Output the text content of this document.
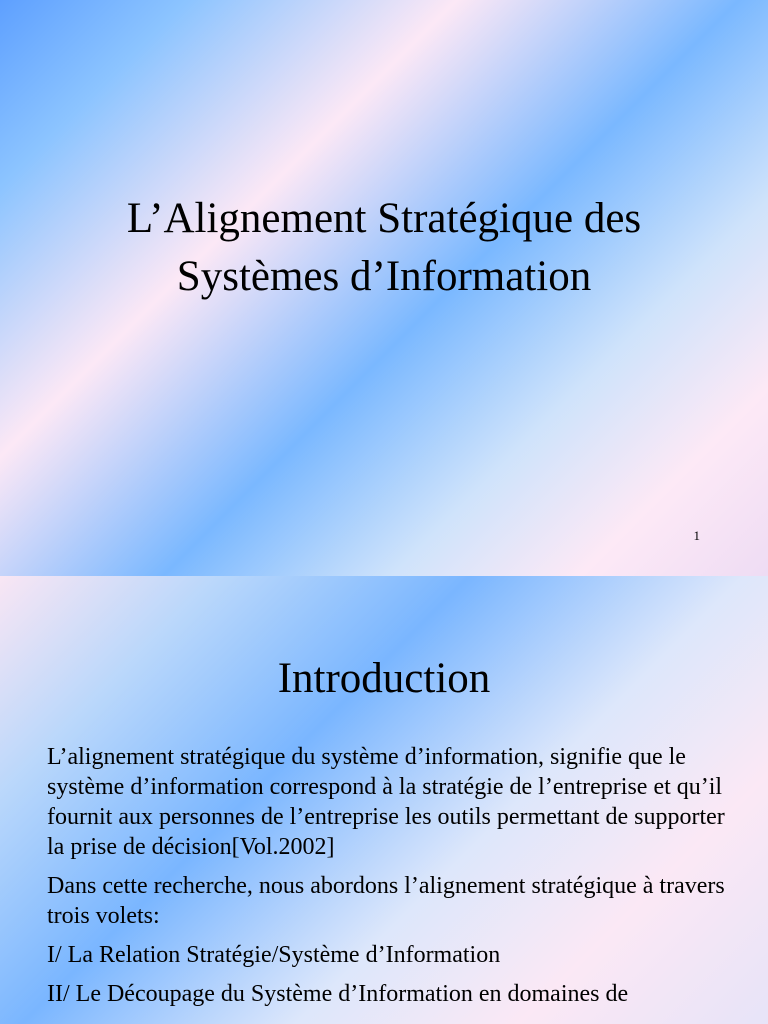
L’Alignement Stratégique des
Systèmes d’Information
1
Introduction
L’alignement stratégique du système d’information, signifie que le système d’information correspond à la stratégie de l’entreprise et qu’il fournit aux personnes de l’entreprise les outils permettant de supporter la prise de décision[Vol.2002]
Dans cette recherche, nous abordons l’alignement stratégique à travers trois volets:
I/ La Relation Stratégie/Système d’Information
II/ Le Découpage du Système d’Information en domaines de
